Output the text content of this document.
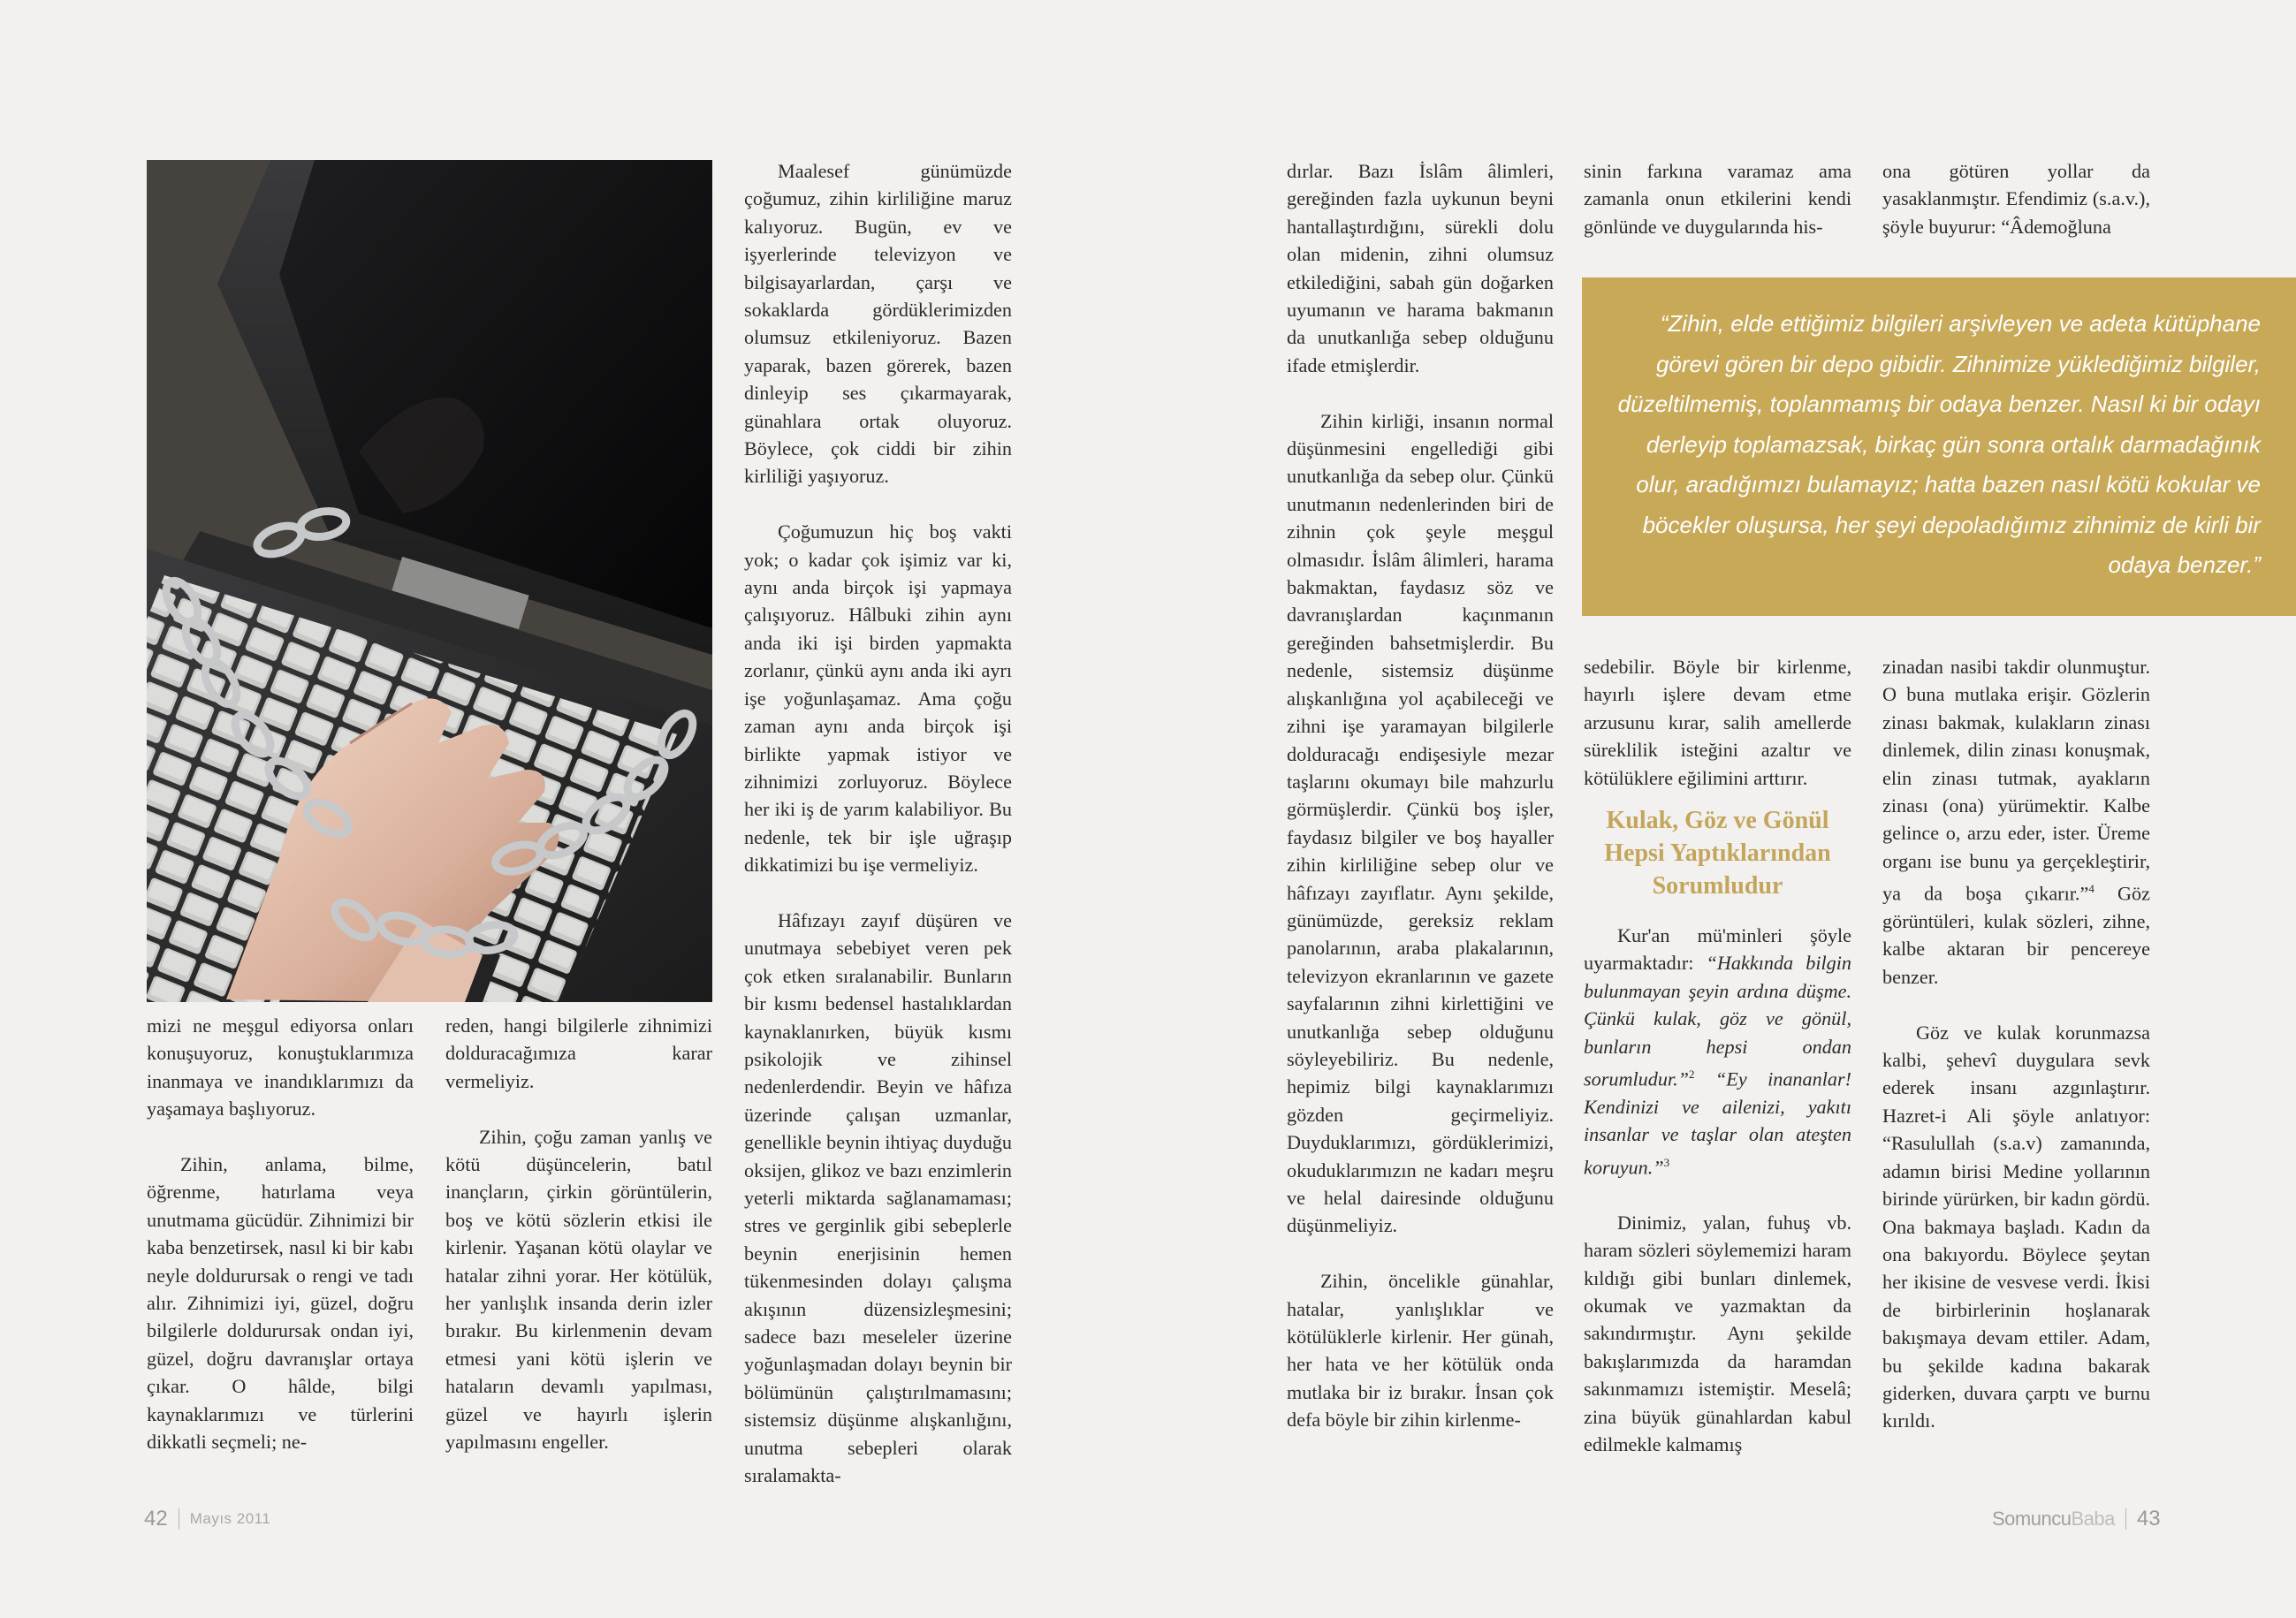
mizi ne meşgul ediyorsa onları konuşuyoruz, konuştuklarımıza inanmaya ve inandıklarımızı da yaşamaya başlıyoruz.

Zihin, anlama, bilme, öğrenme, hatırlama veya unutmama gücüdür. Zihnimizi bir kaba benzetirsek, nasıl ki bir kabı neyle doldurursak o rengi ve tadı alır. Zihnimizi iyi, güzel, doğru bilgilerle doldurursak ondan iyi, güzel, doğru davranışlar ortaya çıkar. O hâlde, bilgi kaynaklarımızı ve türlerini dikkatli seçmeli; ne-

reden, hangi bilgilerle zihnimizi dolduracağımıza karar vermeliyiz.

Zihin, çoğu zaman yanlış ve kötü düşüncelerin, batıl inançların, çirkin görüntülerin, boş ve kötü sözlerin etkisi ile kirlenir. Yaşanan kötü olaylar ve hatalar zihni yorar. Her kötülük, her yanlışlık insanda derin izler bırakır. Bu kirlenmenin devam etmesi yani kötü işlerin ve hataların devamlı yapılması, güzel ve hayırlı işlerin yapılmasını engeller.

Maalesef günümüzde çoğumuz, zihin kirliliğine maruz kalıyoruz. Bugün, ev ve işyerlerinde televizyon ve bilgisayarlardan, çarşı ve sokaklarda gördüklerimizden olumsuz etkileniyoruz. Bazen yaparak, bazen görerek, bazen dinleyip ses çıkarmayarak, günahlara ortak oluyoruz. Böylece, çok ciddi bir zihin kirliliği yaşıyoruz.

Çoğumuzun hiç boş vakti yok; o kadar çok işimiz var ki, aynı anda birçok işi yapmaya çalışıyoruz. Hâlbuki zihin aynı anda iki işi birden yapmakta zorlanır, çünkü aynı anda iki ayrı işe yoğunlaşamaz. Ama çoğu zaman aynı anda birçok işi birlikte yapmak istiyor ve zihnimizi zorluyoruz. Böylece her iki iş de yarım kalabiliyor. Bu nedenle, tek bir işle uğraşıp dikkatimizi bu işe vermeliyiz.

Hâfızayı zayıf düşüren ve unutmaya sebebiyet veren pek çok etken sıralanabilir. Bunların bir kısmı bedensel hastalıklardan kaynaklanırken, büyük kısmı psikolojik ve zihinsel nedenlerdendir. Beyin ve hâfıza üzerinde çalışan uzmanlar, genellikle beynin ihtiyaç duyduğu oksijen, glikoz ve bazı enzimlerin yeterli miktarda sağlanamaması; stres ve gerginlik gibi sebeplerle beynin enerjisinin hemen tükenmesinden dolayı çalışma akışının düzensizleşmesini; sadece bazı meseleler üzerine yoğunlaşmadan dolayı beynin bir bölümünün çalıştırılmamasını; sistemsiz düşünme alışkanlığını, unutma sebepleri olarak sıralamakta-

42 Mayıs 2011

dırlar. Bazı İslâm âlimleri, gereğinden fazla uykunun beyni hantallaştırdığını, sürekli dolu olan midenin, zihni olumsuz etkilediğini, sabah gün doğarken uyumanın ve harama bakmanın da unutkanlığa sebep olduğunu ifade etmişlerdir.

Zihin kirliği, insanın normal düşünmesini engellediği gibi unutkanlığa da sebep olur. Çünkü unutmanın nedenlerinden biri de zihnin çok şeyle meşgul olmasıdır. İslâm âlimleri, harama bakmaktan, faydasız söz ve davranışlardan kaçınmanın gereğinden bahsetmişlerdir. Bu nedenle, sistemsiz düşünme alışkanlığına yol açabileceği ve zihni işe yaramayan bilgilerle dolduracağı endişesiyle mezar taşlarını okumayı bile mahzurlu görmüşlerdir. Çünkü boş işler, faydasız bilgiler ve boş hayaller zihin kirliliğine sebep olur ve hâfızayı zayıflatır. Aynı şekilde, günümüzde, gereksiz reklam panolarının, araba plakalarının, televizyon ekranlarının ve gazete sayfalarının zihni kirlettiğini ve unutkanlığa sebep olduğunu söyleyebiliriz. Bu nedenle, hepimiz bilgi kaynaklarımızı gözden geçirmeliyiz. Duyduklarımızı, gördüklerimizi, okuduklarımızın ne kadarı meşru ve helal dairesinde olduğunu düşünmeliyiz.

Zihin, öncelikle günahlar, hatalar, yanlışlıklar ve kötülüklerle kirlenir. Her günah, her hata ve her kötülük onda mutlaka bir iz bırakır. İnsan çok defa böyle bir zihin kirlenme-

sinin farkına varamaz ama zamanla onun etkilerini kendi gönlünde ve duygularında his-

ona götüren yollar da yasaklanmıştır. Efendimiz (s.a.v.), şöyle buyurur: “Âdemoğluna

sedebilir. Böyle bir kirlenme, hayırlı işlere devam etme arzusunu kırar, salih amellerde süreklilik isteğini azaltır ve kötülüklere eğilimini arttırır.

Kulak, Göz ve Gönül Hepsi Yaptıklarından Sorumludur

Kur'an mü'minleri şöyle uyarmaktadır: “Hakkında bilgin bulunmayan şeyin ardına düşme. Çünkü kulak, göz ve gönül, bunların hepsi ondan sorumludur.”$^2$ “Ey inananlar! Kendinizi ve ailenizi, yakıtı insanlar ve taşlar olan ateşten koruyun.”$^3$

Dinimiz, yalan, fuhuş vb. haram sözleri söylememizi haram kıldığı gibi bunları dinlemek, okumak ve yazmaktan da sakındırmıştır. Aynı şekilde bakışlarımızda da haramdan sakınmamızı istemiştir. Meselâ; zina büyük günahlardan kabul edilmekle kalmamış

zinadan nasibi takdir olunmuştur. O buna mutlaka erişir. Gözlerin zinası bakmak, kulakların zinası dinlemek, dilin zinası konuşmak, elin zinası tutmak, ayakların zinası (ona) yürümektir. Kalbe gelince o, arzu eder, ister. Üreme organı ise bunu ya gerçekleştirir, ya da boşa çıkarır.”$^4$ Göz görüntüleri, kulak sözleri, zihne, kalbe aktaran bir pencereye benzer.

Göz ve kulak korunmazsa kalbi, şehevî duygulara sevk ederek insanı azgınlaştırır. Hazret-i Ali şöyle anlatıyor: “Rasulullah (s.a.v) zamanında, adamın birisi Medine yollarının birinde yürürken, bir kadın gördü. Ona bakmaya başladı. Kadın da ona bakıyordu. Böylece şeytan her ikisine de vesvese verdi. İkisi de birbirlerinin hoşlanarak bakışmaya devam ettiler. Adam, bu şekilde kadına bakarak giderken, duvara çarptı ve burnu kırıldı.

SomuncuBaba 43
“Zihin, elde ettiğimiz bilgileri arşivleyen ve adeta kütüphane görevi gören bir depo gibidir. Zihnimize yüklediğimiz bilgiler, düzeltilmemiş, toplanmamış bir odaya benzer. Nasıl ki bir odayı derleyip toplamazsak, birkaç gün sonra ortalık darmadağınık olur, aradığımızı bulamayız; hatta bazen nasıl kötü kokular ve böcekler oluşursa, her şeyi depoladığımız zihnimiz de kirli bir odaya benzer.”
